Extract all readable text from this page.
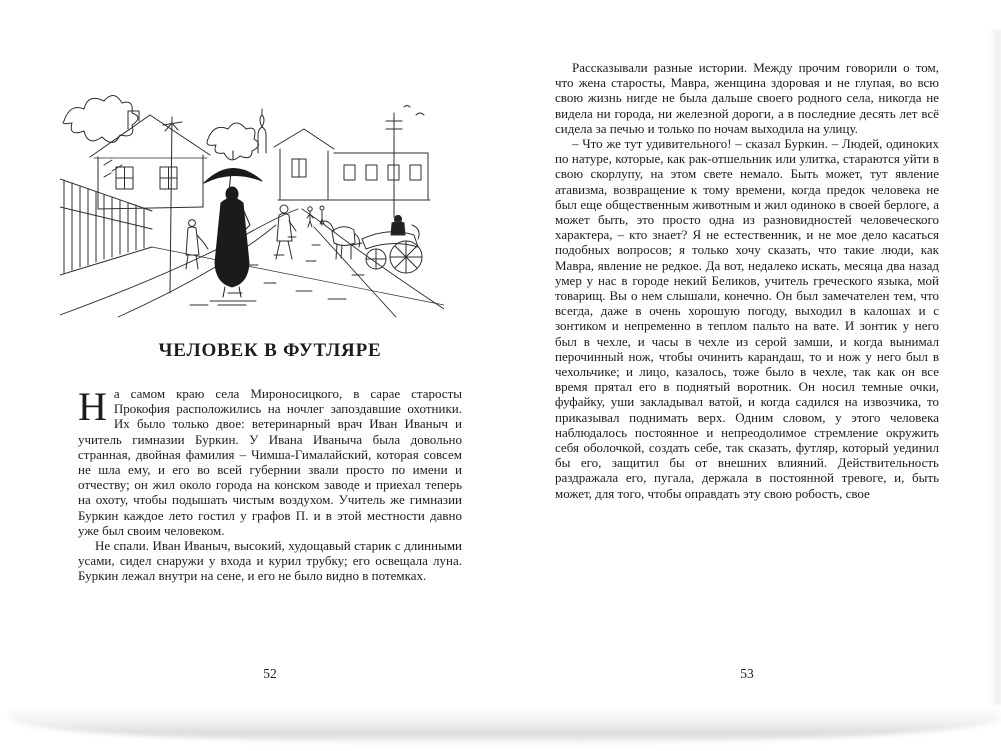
ЧЕЛОВЕК В ФУТЛЯРЕ

На самом краю села Мироносицкого, в сарае старосты Прокофия расположились на ночлег запоздавшие охотники. Их было только двое: ветеринарный врач Иван Иваныч и учитель гимназии Буркин. У Ивана Иваныча была довольно странная, двойная фамилия – Чимша-Гималайский, которая совсем не шла ему, и его во всей губернии звали просто по имени и отчеству; он жил около города на конском заводе и приехал теперь на охоту, чтобы подышать чистым воздухом. Учитель же гимназии Буркин каждое лето гостил у графов П. и в этой местности давно уже был своим человеком.

Не спали. Иван Иваныч, высокий, худощавый старик с длинными усами, сидел снаружи у входа и курил трубку; его освещала луна. Буркин лежал внутри на сене, и его не было видно в потемках.

52

Рассказывали разные истории. Между прочим говорили о том, что жена старосты, Мавра, женщина здоровая и не глупая, во всю свою жизнь нигде не была дальше своего родного села, никогда не видела ни города, ни железной дороги, а в последние десять лет всё сидела за печью и только по ночам выходила на улицу.

– Что же тут удивительного! – сказал Буркин. – Людей, одиноких по натуре, которые, как рак-отшельник или улитка, стараются уйти в свою скорлупу, на этом свете немало. Быть может, тут явление атавизма, возвращение к тому времени, когда предок человека не был еще общественным животным и жил одиноко в своей берлоге, а может быть, это просто одна из разновидностей человеческого характера, – кто знает? Я не естественник, и не мое дело касаться подобных вопросов; я только хочу сказать, что такие люди, как Мавра, явление не редкое. Да вот, недалеко искать, месяца два назад умер у нас в городе некий Беликов, учитель греческого языка, мой товарищ. Вы о нем слышали, конечно. Он был замечателен тем, что всегда, даже в очень хорошую погоду, выходил в калошах и с зонтиком и непременно в теплом пальто на вате. И зонтик у него был в чехле, и часы в чехле из серой замши, и когда вынимал перочинный нож, чтобы очинить карандаш, то и нож у него был в чехольчике; и лицо, казалось, тоже было в чехле, так как он все время прятал его в поднятый воротник. Он носил темные очки, фуфайку, уши закладывал ватой, и когда садился на извозчика, то приказывал поднимать верх. Одним словом, у этого человека наблюдалось постоянное и непреодолимое стремление окружить себя оболочкой, создать себе, так сказать, футляр, который уединил бы его, защитил бы от внешних влияний. Действительность раздражала его, пугала, держала в постоянной тревоге, и, быть может, для того, чтобы оправдать эту свою робость, свое

53
